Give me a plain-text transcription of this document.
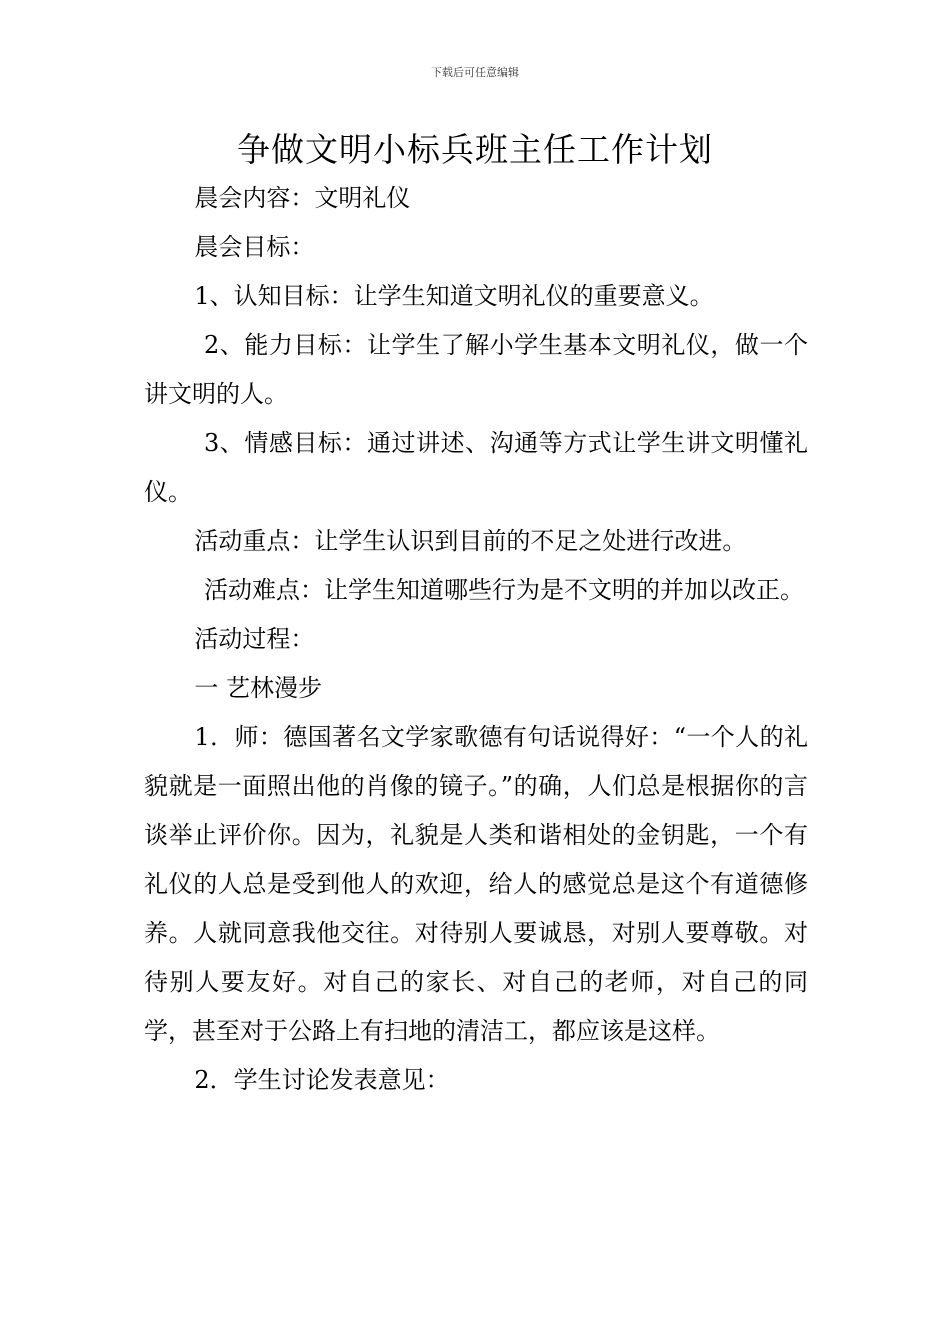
下载后可任意编辑
争做文明小标兵班主任工作计划

晨会内容：文明礼仪

晨会目标：

1、认知目标：让学生知道文明礼仪的重要意义。

2、能力目标：让学生了解小学生基本文明礼仪，做一个讲文明的人。

3、情感目标：通过讲述、沟通等方式让学生讲文明懂礼仪。

活动重点：让学生认识到目前的不足之处进行改进。

活动难点：让学生知道哪些行为是不文明的并加以改正。

活动过程：

一 艺林漫步

1．师：德国著名文学家歌德有句话说得好：“一个人的礼貌就是一面照出他的肖像的镜子。”的确，人们总是根据你的言谈举止评价你。因为，礼貌是人类和谐相处的金钥匙，一个有礼仪的人总是受到他人的欢迎，给人的感觉总是这个有道德修养。人就同意我他交往。对待别人要诚恳，对别人要尊敬。对待别人要友好。对自己的家长、对自己的老师，对自己的同学，甚至对于公路上有扫地的清洁工，都应该是这样。

2．学生讨论发表意见：
